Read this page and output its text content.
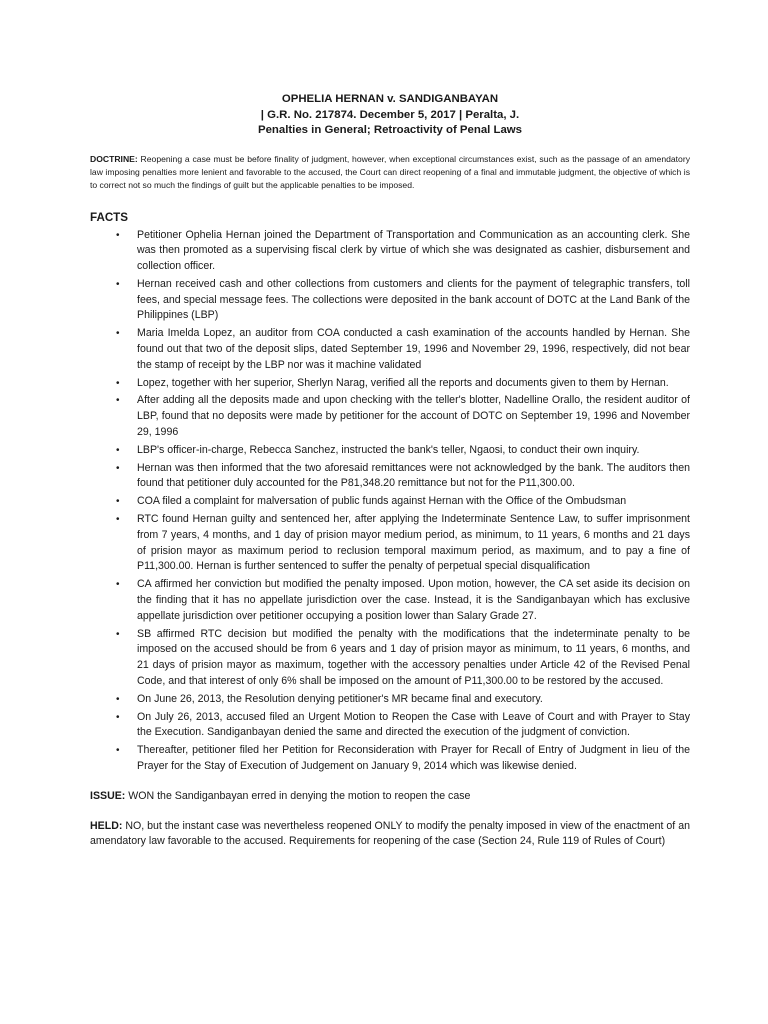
OPHELIA HERNAN v. SANDIGANBAYAN
| G.R. No. 217874. December 5, 2017 | Peralta, J.
Penalties in General; Retroactivity of Penal Laws
DOCTRINE: Reopening a case must be before finality of judgment, however, when exceptional circumstances exist, such as the passage of an amendatory law imposing penalties more lenient and favorable to the accused, the Court can direct reopening of a final and immutable judgment, the objective of which is to correct not so much the findings of guilt but the applicable penalties to be imposed.
FACTS
• Petitioner Ophelia Hernan joined the Department of Transportation and Communication as an accounting clerk. She was then promoted as a supervising fiscal clerk by virtue of which she was designated as cashier, disbursement and collection officer.
• Hernan received cash and other collections from customers and clients for the payment of telegraphic transfers, toll fees, and special message fees. The collections were deposited in the bank account of DOTC at the Land Bank of the Philippines (LBP)
• Maria Imelda Lopez, an auditor from COA conducted a cash examination of the accounts handled by Hernan. She found out that two of the deposit slips, dated September 19, 1996 and November 29, 1996, respectively, did not bear the stamp of receipt by the LBP nor was it machine validated
• Lopez, together with her superior, Sherlyn Narag, verified all the reports and documents given to them by Hernan.
• After adding all the deposits made and upon checking with the teller's blotter, Nadelline Orallo, the resident auditor of LBP, found that no deposits were made by petitioner for the account of DOTC on September 19, 1996 and November 29, 1996
• LBP's officer-in-charge, Rebecca Sanchez, instructed the bank's teller, Ngaosi, to conduct their own inquiry.
• Hernan was then informed that the two aforesaid remittances were not acknowledged by the bank. The auditors then found that petitioner duly accounted for the P81,348.20 remittance but not for the P11,300.00.
• COA filed a complaint for malversation of public funds against Hernan with the Office of the Ombudsman
• RTC found Hernan guilty and sentenced her, after applying the Indeterminate Sentence Law, to suffer imprisonment from 7 years, 4 months, and 1 day of prision mayor medium period, as minimum, to 11 years, 6 months and 21 days of prision mayor as maximum period to reclusion temporal maximum period, as maximum, and to pay a fine of P11,300.00. Hernan is further sentenced to suffer the penalty of perpetual special disqualification
• CA affirmed her conviction but modified the penalty imposed. Upon motion, however, the CA set aside its decision on the finding that it has no appellate jurisdiction over the case. Instead, it is the Sandiganbayan which has exclusive appellate jurisdiction over petitioner occupying a position lower than Salary Grade 27.
• SB affirmed RTC decision but modified the penalty with the modifications that the indeterminate penalty to be imposed on the accused should be from 6 years and 1 day of prision mayor as minimum, to 11 years, 6 months, and 21 days of prision mayor as maximum, together with the accessory penalties under Article 42 of the Revised Penal Code, and that interest of only 6% shall be imposed on the amount of P11,300.00 to be restored by the accused.
• On June 26, 2013, the Resolution denying petitioner's MR became final and executory.
• On July 26, 2013, accused filed an Urgent Motion to Reopen the Case with Leave of Court and with Prayer to Stay the Execution. Sandiganbayan denied the same and directed the execution of the judgment of conviction.
• Thereafter, petitioner filed her Petition for Reconsideration with Prayer for Recall of Entry of Judgment in lieu of the Prayer for the Stay of Execution of Judgement on January 9, 2014 which was likewise denied.
ISSUE: WON the Sandiganbayan erred in denying the motion to reopen the case
HELD: NO, but the instant case was nevertheless reopened ONLY to modify the penalty imposed in view of the enactment of an amendatory law favorable to the accused. Requirements for reopening of the case (Section 24, Rule 119 of Rules of Court)
